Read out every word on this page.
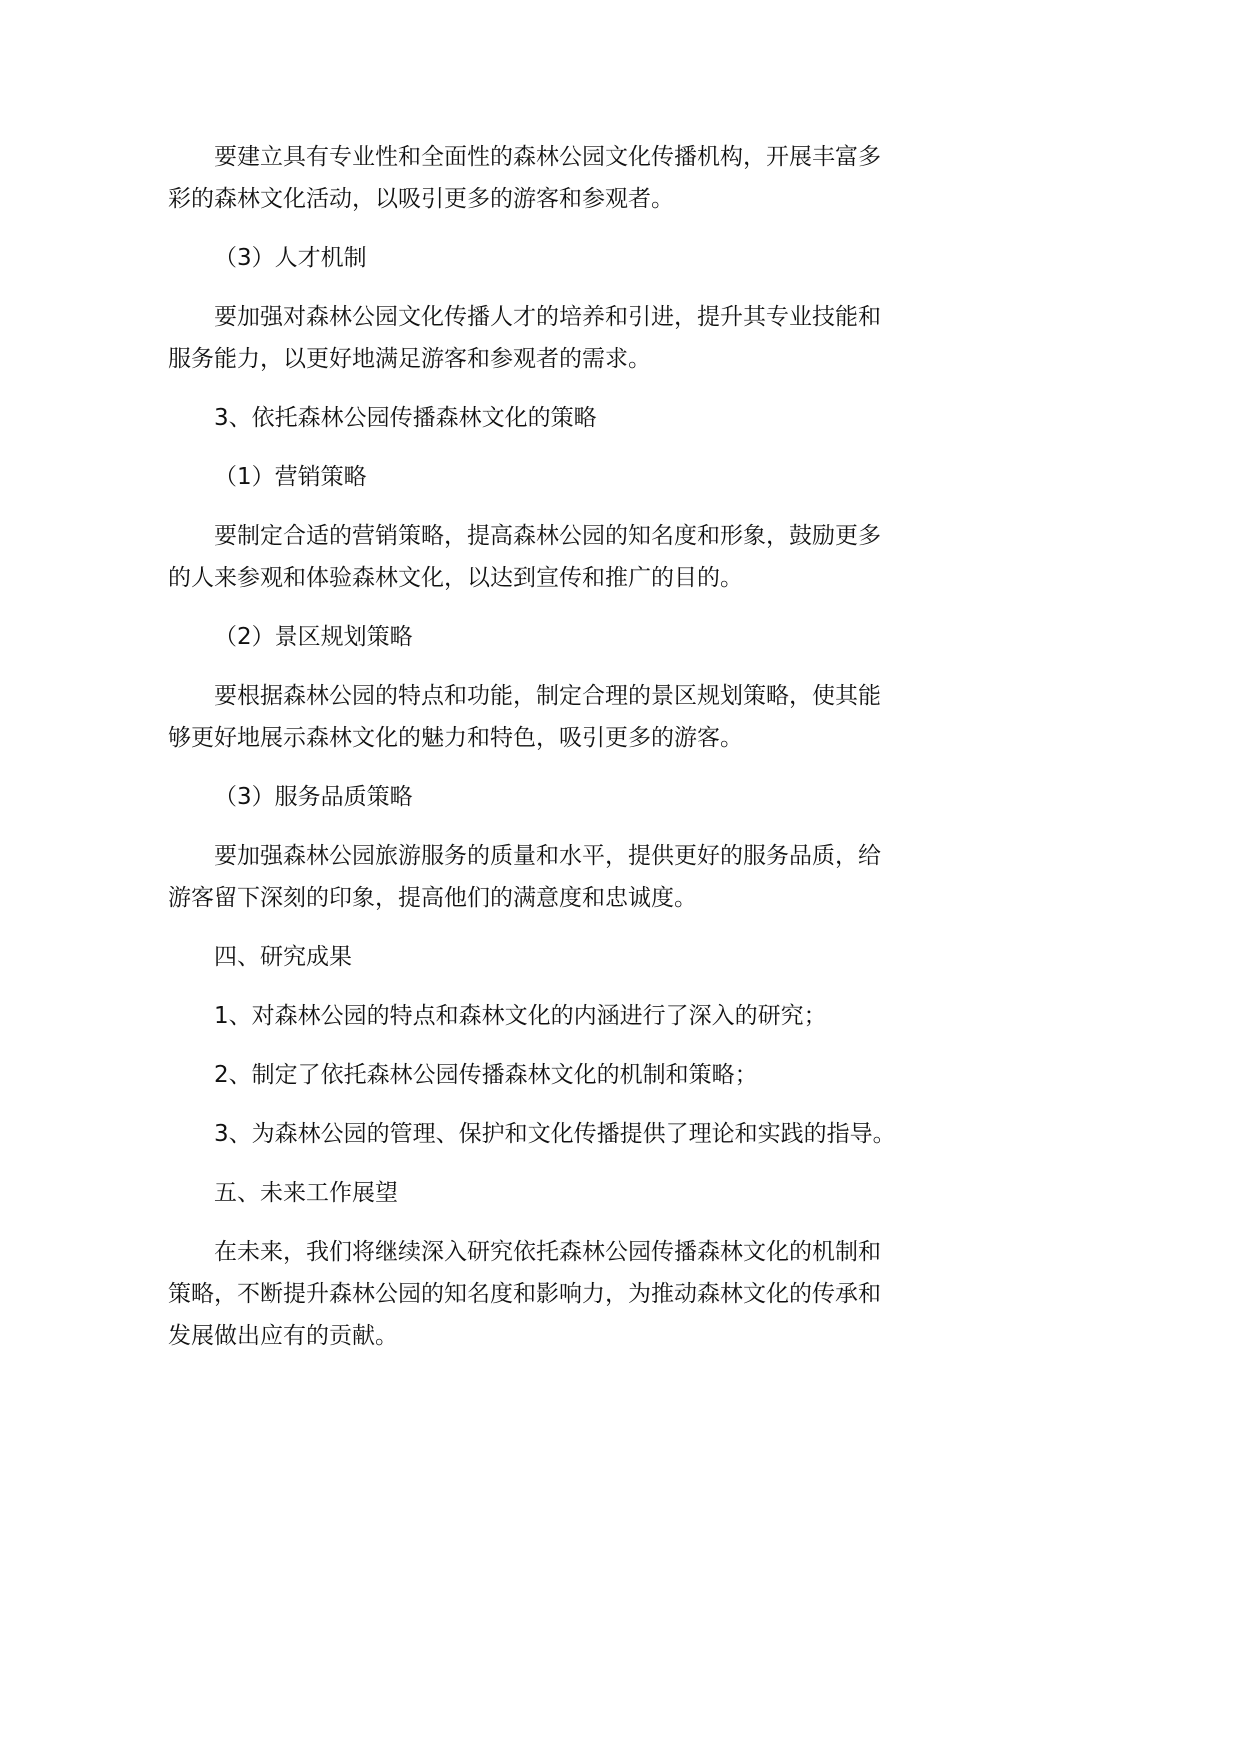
要建立具有专业性和全面性的森林公园文化传播机构，开展丰富多
彩的森林文化活动，以吸引更多的游客和参观者。

（3）人才机制

要加强对森林公园文化传播人才的培养和引进，提升其专业技能和
服务能力，以更好地满足游客和参观者的需求。

3、依托森林公园传播森林文化的策略

（1）营销策略

要制定合适的营销策略，提高森林公园的知名度和形象，鼓励更多
的人来参观和体验森林文化，以达到宣传和推广的目的。

（2）景区规划策略

要根据森林公园的特点和功能，制定合理的景区规划策略，使其能
够更好地展示森林文化的魅力和特色，吸引更多的游客。

（3）服务品质策略

要加强森林公园旅游服务的质量和水平，提供更好的服务品质，给
游客留下深刻的印象，提高他们的满意度和忠诚度。

四、研究成果

1、对森林公园的特点和森林文化的内涵进行了深入的研究；

2、制定了依托森林公园传播森林文化的机制和策略；

3、为森林公园的管理、保护和文化传播提供了理论和实践的指导。

五、未来工作展望

在未来，我们将继续深入研究依托森林公园传播森林文化的机制和
策略，不断提升森林公园的知名度和影响力，为推动森林文化的传承和
发展做出应有的贡献。
